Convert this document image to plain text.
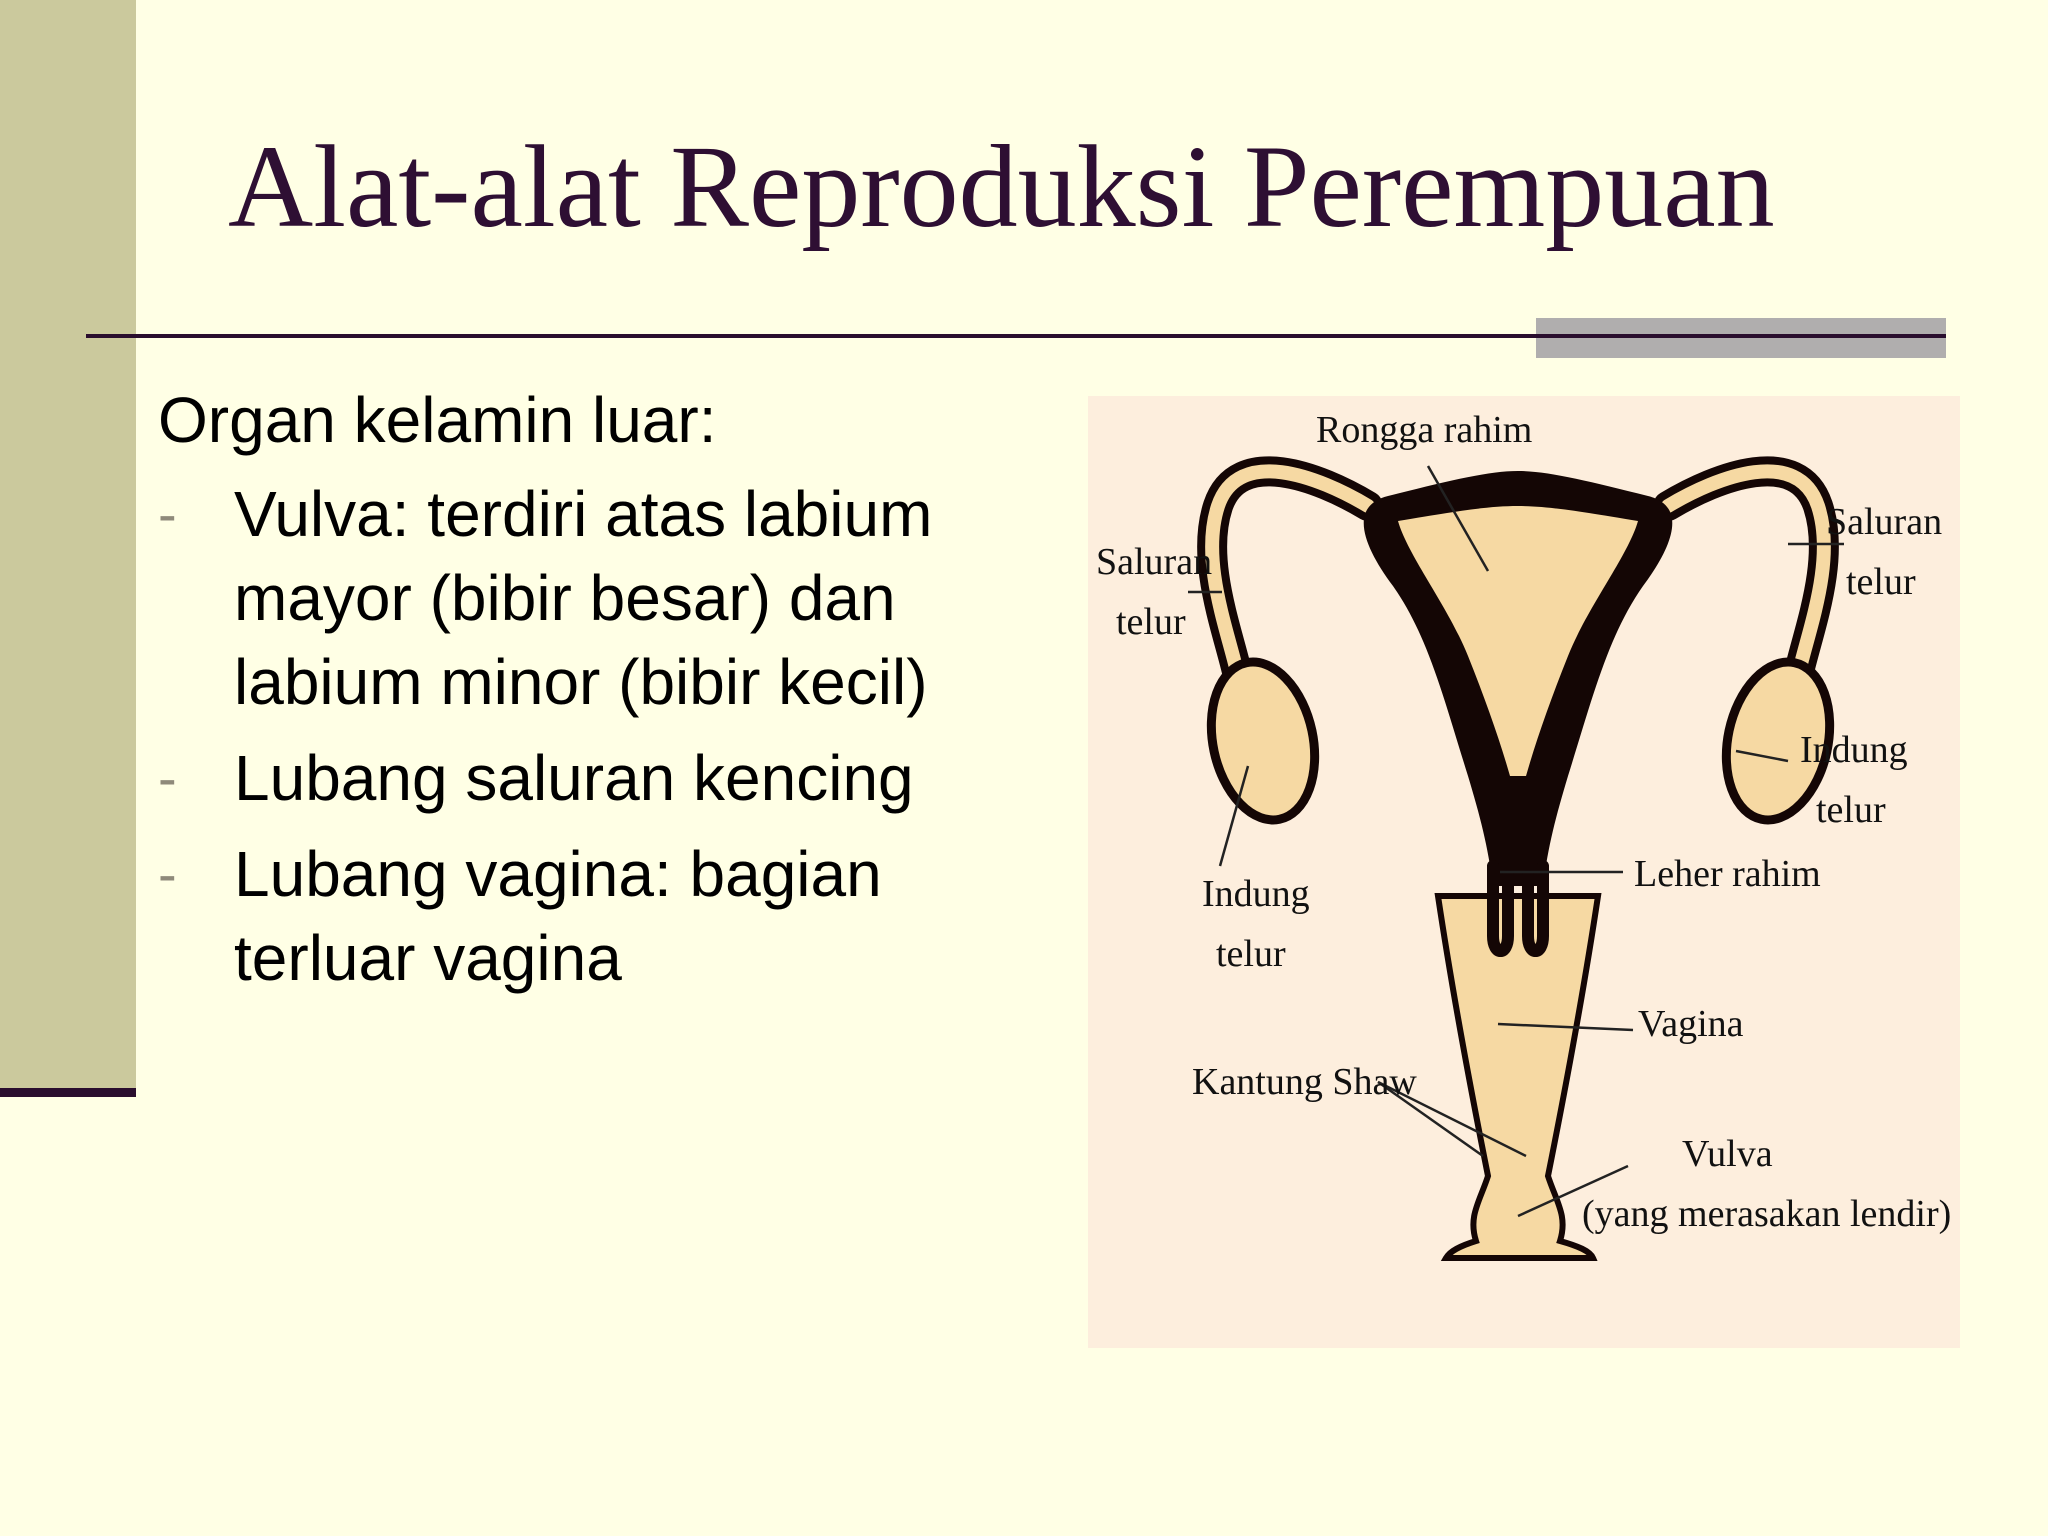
Alat-alat Reproduksi Perempuan

Organ kelamin luar:

- Vulva: terdiri atas labium mayor (bibir besar) dan labium minor (bibir kecil)
- Lubang saluran kencing
- Lubang vagina: bagian terluar vagina
Rongga rahim
Saluran
telur
Saluran
telur
Indung
telur
Indung
telur
Leher rahim
Vagina
Kantung Shaw
Vulva
(yang merasakan lendir)
